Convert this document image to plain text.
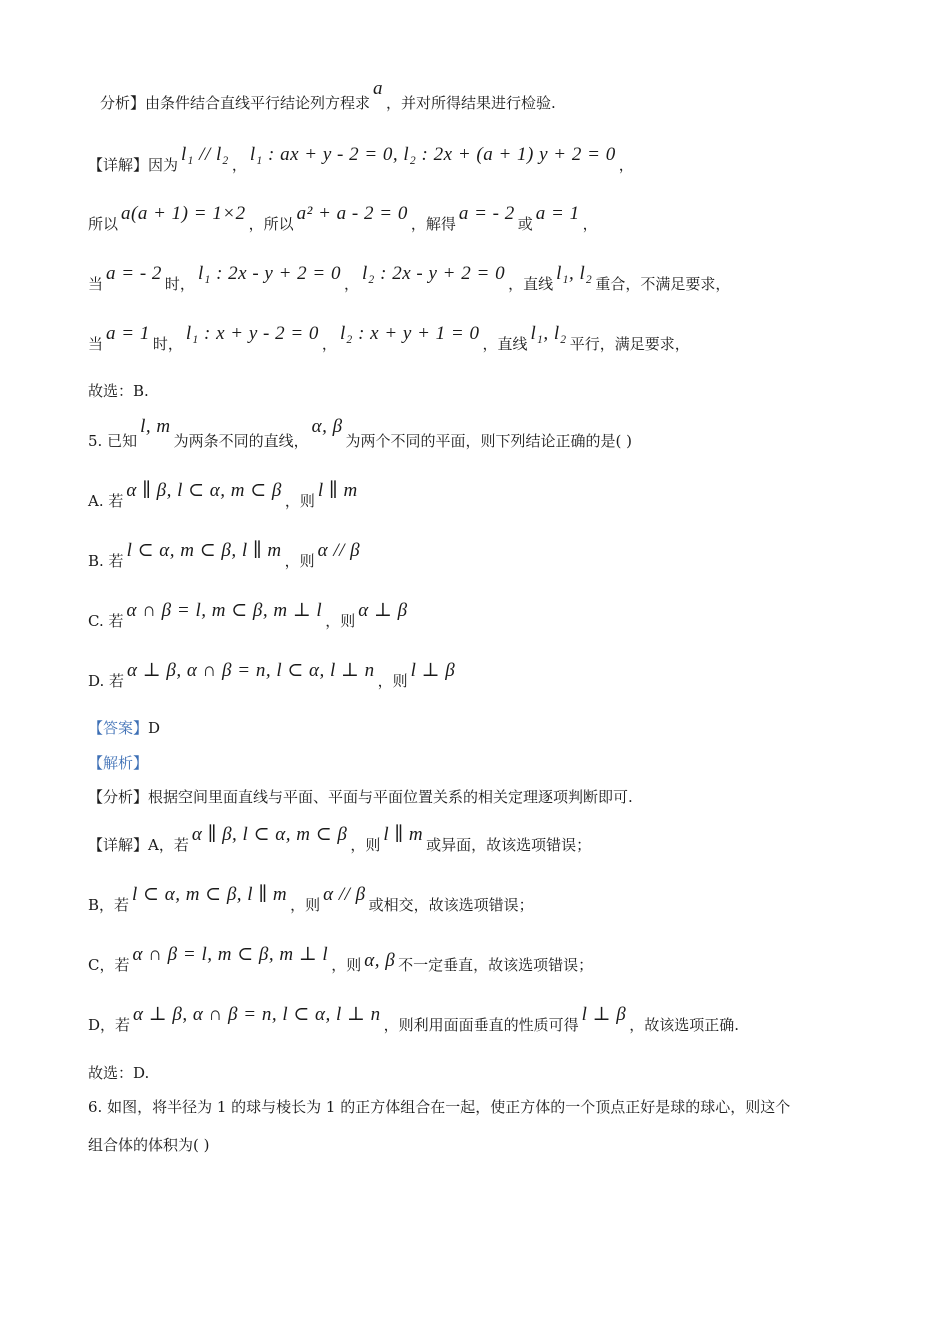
分析】由条件结合直线平行结论列方程求a，并对所得结果进行检验.
【详解】因为 l₁ // l₂ ， l₁ : ax + y - 2 = 0, l₂ : 2x + (a + 1) y + 2 = 0 ，
所以 a(a + 1) = 1×2 ，所以 a² + a - 2 = 0 ，解得 a = - 2 或 a = 1 ，
当 a = - 2 时， l₁ : 2x - y + 2 = 0 ， l₂ : 2x - y + 2 = 0 ，直线 l₁, l₂ 重合，不满足要求，
当 a = 1 时， l₁ : x + y - 2 = 0 ， l₂ : x + y + 1 = 0 ，直线 l₁, l₂ 平行，满足要求，
故选：B.
5. 已知l, m为两条不同的直线，α, β为两个不同的平面，则下列结论正确的是( )
A. 若 α ∥ β, l ⊂ α, m ⊂ β ，则 l ∥ m
B. 若 l ⊂ α, m ⊂ β, l ∥ m ，则 α // β
C. 若 α ∩ β = l, m ⊂ β, m ⊥ l ，则 α ⊥ β
D. 若 α ⊥ β, α ∩ β = n, l ⊂ α, l ⊥ n ，则 l ⊥ β
【答案】D
【解析】
【分析】根据空间里面直线与平面、平面与平面位置关系的相关定理逐项判断即可.
【详解】A，若 α ∥ β, l ⊂ α, m ⊂ β ，则 l ∥ m 或异面，故该选项错误；
B，若 l ⊂ α, m ⊂ β, l ∥ m ，则 α // β 或相交，故该选项错误；
C，若 α ∩ β = l, m ⊂ β, m ⊥ l ，则 α, β 不一定垂直，故该选项错误；
D，若 α ⊥ β, α ∩ β = n, l ⊂ α, l ⊥ n ，则利用面面垂直的性质可得 l ⊥ β ，故该选项正确.
故选：D.
6. 如图，将半径为 1 的球与棱长为 1 的正方体组合在一起，使正方体的一个顶点正好是球的球心，则这个
组合体的体积为( )
